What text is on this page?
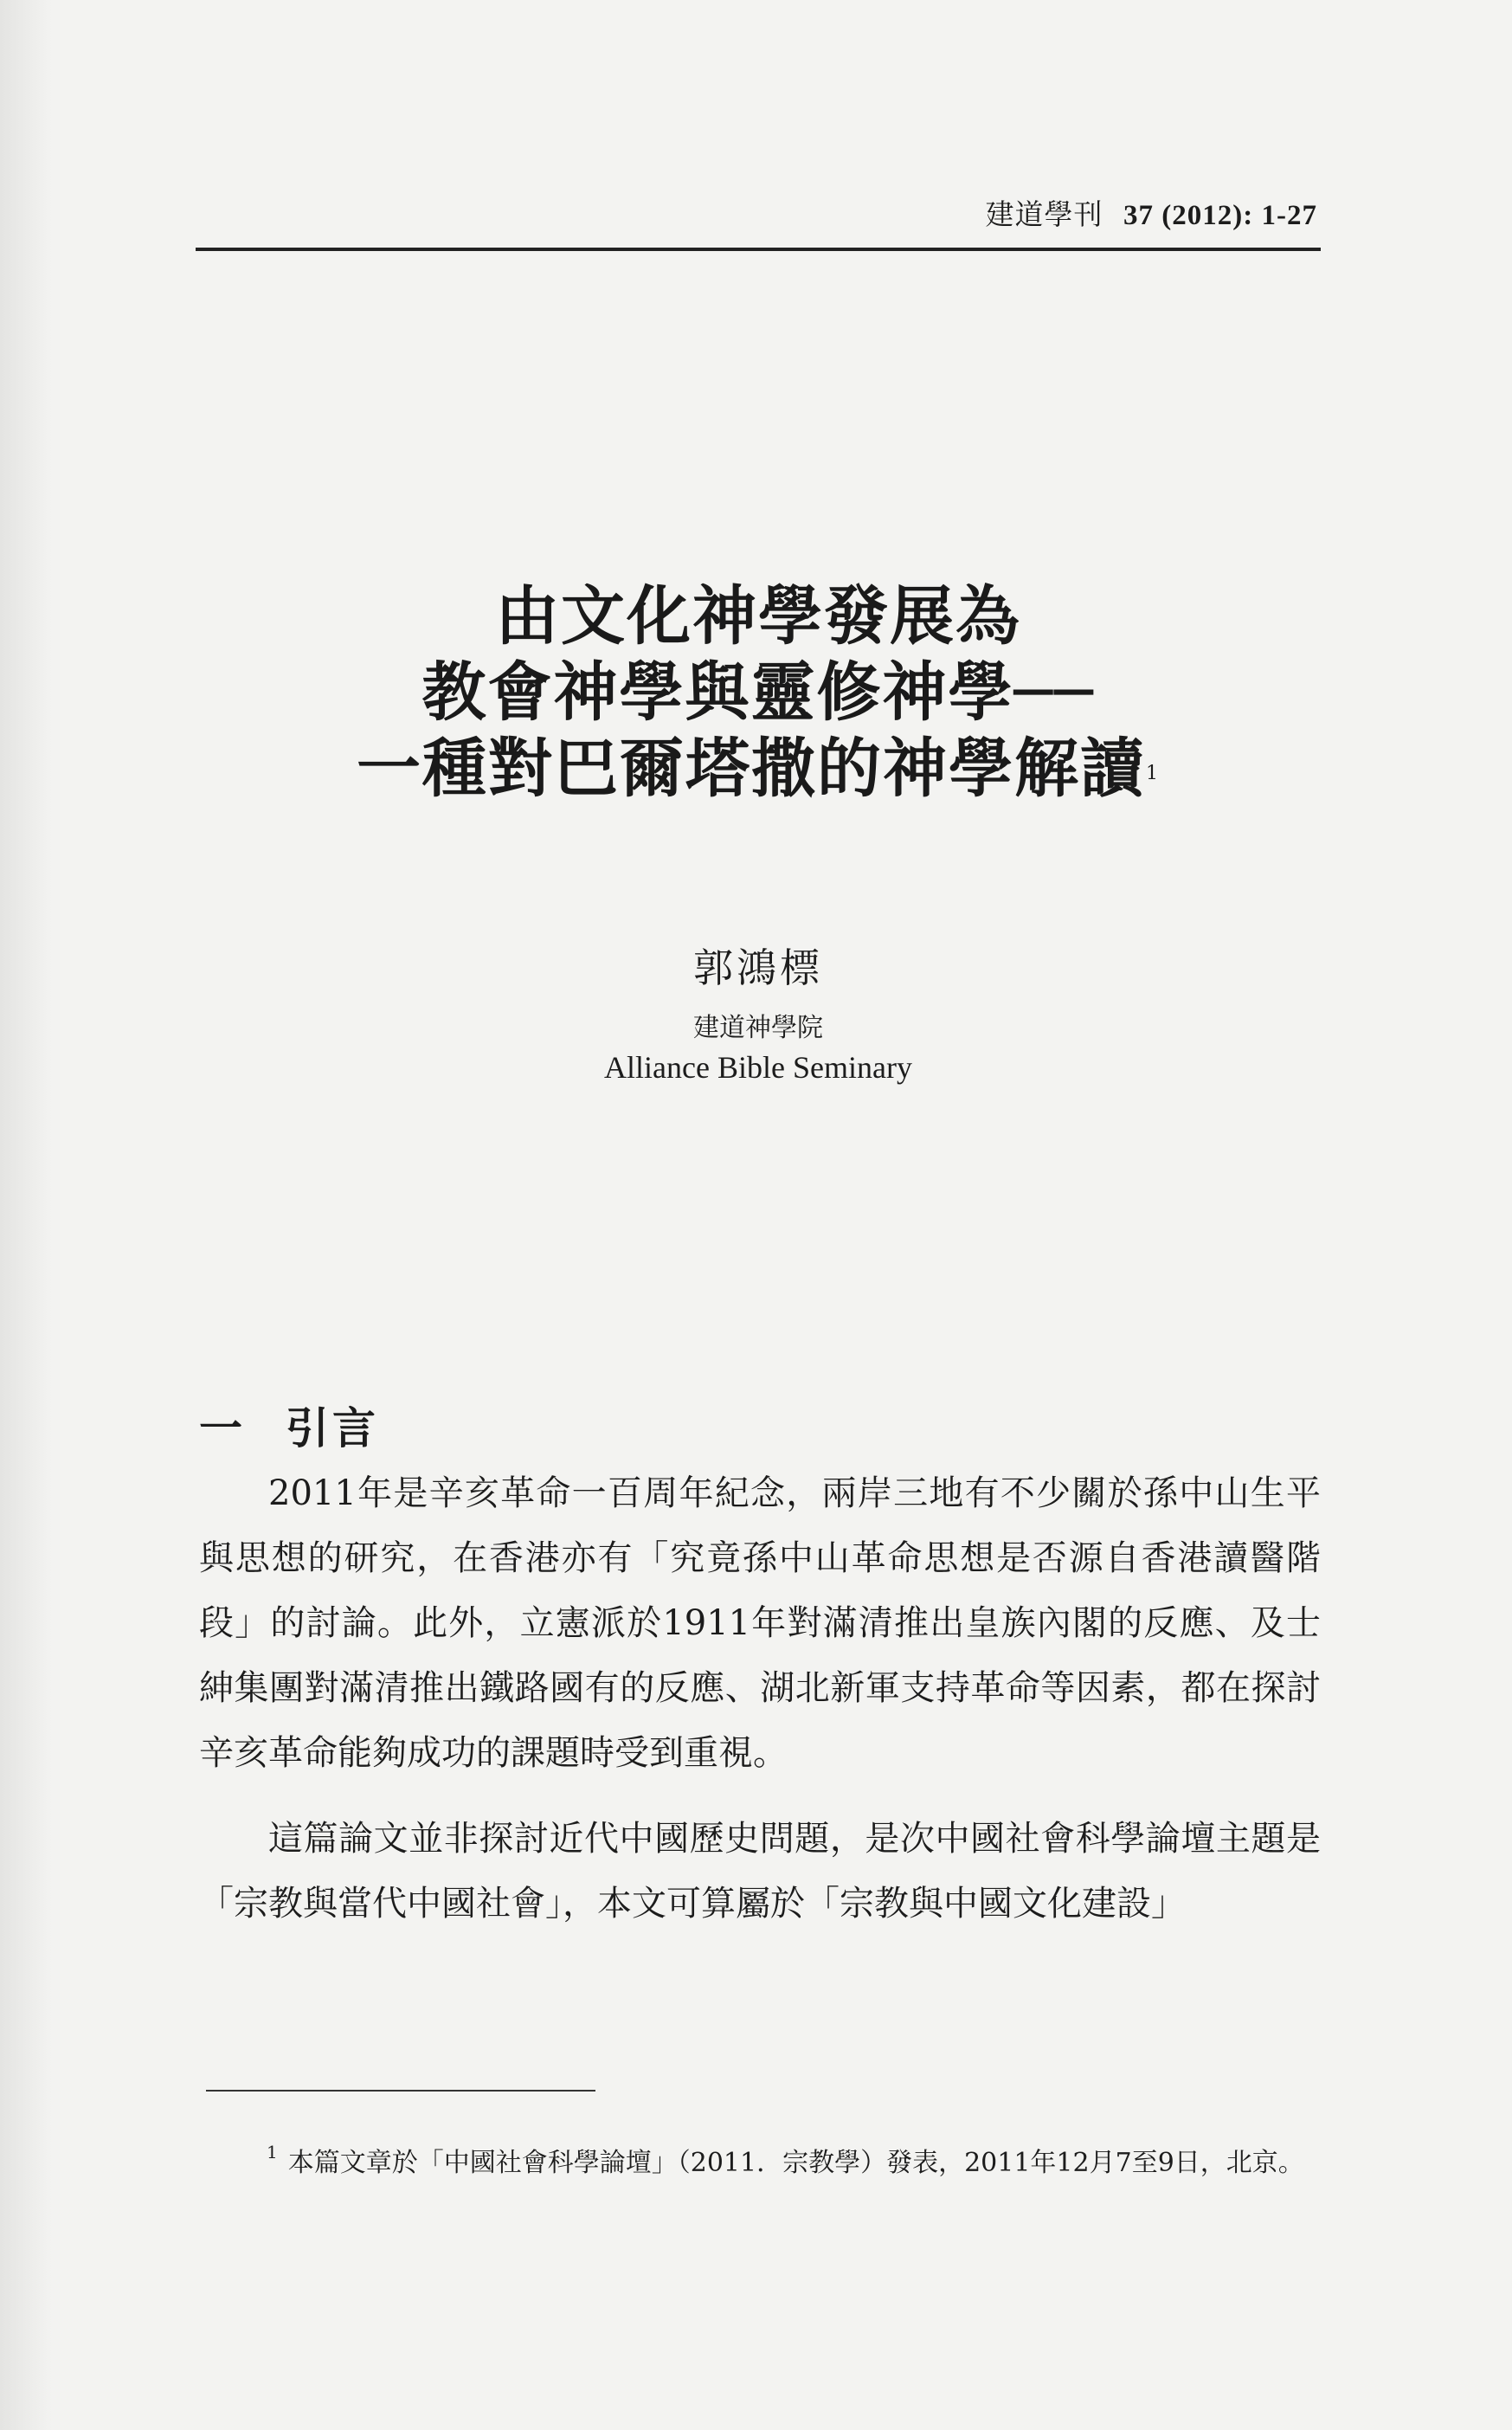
建道學刊 37 (2012): 1-27
由文化神學發展為
教會神學與靈修神學──
一種對巴爾塔撒的神學解讀$^1$
郭鴻標
建道神學院
Alliance Bible Seminary
一 引言

2011年是辛亥革命一百周年紀念，兩岸三地有不少關於孫中山生平與思想的研究，在香港亦有「究竟孫中山革命思想是否源自香港讀醫階段」的討論。此外，立憲派於1911年對滿清推出皇族內閣的反應、及士紳集團對滿清推出鐵路國有的反應、湖北新軍支持革命等因素，都在探討辛亥革命能夠成功的課題時受到重視。

這篇論文並非探討近代中國歷史問題，是次中國社會科學論壇主題是「宗教與當代中國社會」，本文可算屬於「宗教與中國文化建設」

$^1$ 本篇文章於「中國社會科學論壇」（2011．宗教學）發表，2011年12月7至9日，北京。
